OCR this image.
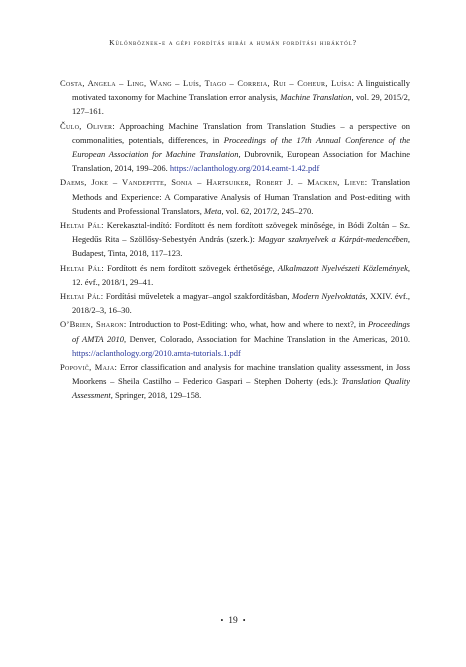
Különböznek-e a gépi fordítás hibái a humán fordítási hibáktól?
Costa, Angela – Ling, Wang – Luís, Tiago – Correia, Rui – Coheur, Luísa: A linguistically motivated taxonomy for Machine Translation error analysis, Machine Translation, vol. 29, 2015/2, 127–161.
Čulo, Oliver: Approaching Machine Translation from Translation Studies – a perspective on commonalities, potentials, differences, in Proceedings of the 17th Annual Conference of the European Association for Machine Translation, Dubrovnik, European Association for Machine Translation, 2014, 199–206. https://aclanthology.org/2014.eamt-1.42.pdf
Daems, Joke – Vandepitte, Sonia – Hartsuiker, Robert J. – Macken, Lieve: Translation Methods and Experience: A Comparative Analysis of Human Translation and Post-editing with Students and Professional Translators, Meta, vol. 62, 2017/2, 245–270.
Heltai Pál: Kerekasztal-indító: Fordított és nem fordított szövegek minősége, in Bódi Zoltán – Sz. Hegedűs Rita – Szöllősy-Sebestyén András (szerk.): Magyar szaknyelvek a Kárpát-medencében, Budapest, Tinta, 2018, 117–123.
Heltai Pál: Fordított és nem fordított szövegek érthetősége, Alkalmazott Nyelvészeti Közlemények, 12. évf., 2018/1, 29–41.
Heltai Pál: Fordítási műveletek a magyar–angol szakfordításban, Modern Nyelvoktatás, XXIV. évf., 2018/2–3, 16–30.
O’Brien, Sharon: Introduction to Post-Editing: who, what, how and where to next?, in Proceedings of AMTA 2010, Denver, Colorado, Association for Machine Translation in the Americas, 2010. https://aclanthology.org/2010.amta-tutorials.1.pdf
Popovič, Maja: Error classification and analysis for machine translation quality assessment, in Joss Moorkens – Sheila Castilho – Federico Gaspari – Stephen Doherty (eds.): Translation Quality Assessment, Springer, 2018, 129–158.
• 19 •
